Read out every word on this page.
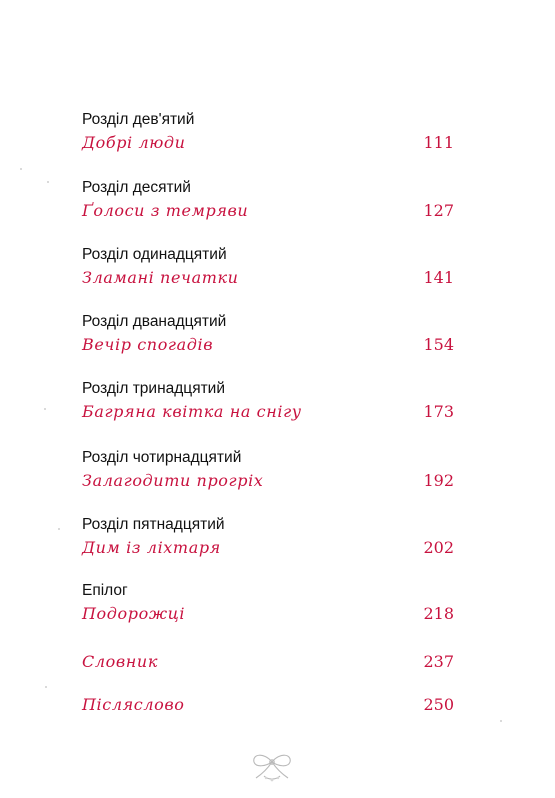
Розділ дев'ятий
Добрі люди	111
Розділ десятий
Ґолоси з темряви	127
Розділ одинадцятий
Зламані печатки	141
Розділ дванадцятий
Вечір спогадів	154
Розділ тринадцятий
Багряна квітка на снігу	173
Розділ чотирнадцятий
Залагодити прогріх	192
Розділ пятнадцятий
Дим із ліхтаря	202
Епілог
Подорожці	218
Словник	237
Післяслово	250
